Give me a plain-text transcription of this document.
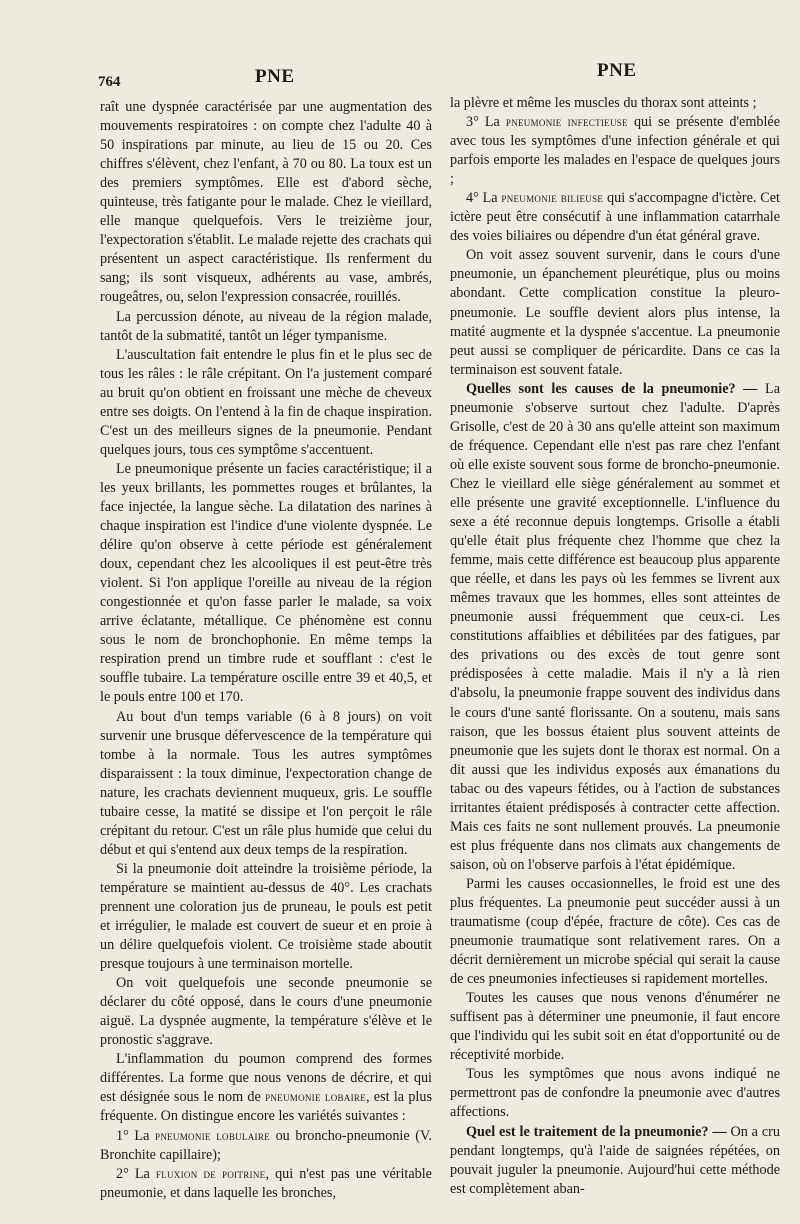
764	PNE	PNE

raît une dyspnée caractérisée par une augmentation des mouvements respiratoires : on compte chez l'adulte 40 à 50 inspirations par minute, au lieu de 15 ou 20. Ces chiffres s'élèvent, chez l'enfant, à 70 ou 80. La toux est un des premiers symptômes. Elle est d'abord sèche, quinteuse, très fatigante pour le malade. Chez le vieillard, elle manque quelquefois. Vers le treizième jour, l'expectoration s'établit. Le malade rejette des crachats qui présentent un aspect caractéristique. Ils renferment du sang; ils sont visqueux, adhérents au vase, ambrés, rougeâtres, ou, selon l'expression consacrée, rouillés.

La percussion dénote, au niveau de la région malade, tantôt de la submatité, tantôt un léger tympanisme.

L'auscultation fait entendre le plus fin et le plus sec de tous les râles : le râle crépitant. On l'a justement comparé au bruit qu'on obtient en froissant une mèche de cheveux entre ses doigts. On l'entend à la fin de chaque inspiration. C'est un des meilleurs signes de la pneumonie. Pendant quelques jours, tous ces symptôme s'accentuent.

Le pneumonique présente un facies caractéristique; il a les yeux brillants, les pommettes rouges et brûlantes, la face injectée, la langue sèche. La dilatation des narines à chaque inspiration est l'indice d'une violente dyspnée. Le délire qu'on observe à cette période est généralement doux, cependant chez les alcooliques il est peut-être très violent. Si l'on applique l'oreille au niveau de la région congestionnée et qu'on fasse parler le malade, sa voix arrive éclatante, métallique. Ce phénomène est connu sous le nom de bronchophonie. En même temps la respiration prend un timbre rude et soufflant : c'est le souffle tubaire. La température oscille entre 39 et 40,5, et le pouls entre 100 et 170.

Au bout d'un temps variable (6 à 8 jours) on voit survenir une brusque défervescence de la température qui tombe à la normale. Tous les autres symptômes disparaissent : la toux diminue, l'expectoration change de nature, les crachats deviennent muqueux, gris. Le souffle tubaire cesse, la matité se dissipe et l'on perçoit le râle crépitant du retour. C'est un râle plus humide que celui du début et qui s'entend aux deux temps de la respiration.

Si la pneumonie doit atteindre la troisième période, la température se maintient au-dessus de 40°. Les crachats prennent une coloration jus de pruneau, le pouls est petit et irrégulier, le malade est couvert de sueur et en proie à un délire quelquefois violent. Ce troisième stade aboutit presque toujours à une terminaison mortelle.

On voit quelquefois une seconde pneumonie se déclarer du côté opposé, dans le cours d'une pneumonie aiguë. La dyspnée augmente, la température s'élève et le pronostic s'aggrave.

L'inflammation du poumon comprend des formes différentes. La forme que nous venons de décrire, et qui est désignée sous le nom de pneumonie lobaire, est la plus fréquente. On distingue encore les variétés suivantes :

1° La pneumonie lobulaire ou broncho-pneumonie (V. Bronchite capillaire);

2° La fluxion de poitrine, qui n'est pas une véritable pneumonie, et dans laquelle les bronches,

la plèvre et même les muscles du thorax sont atteints ;

3° La pneumonie infectieuse qui se présente d'emblée avec tous les symptômes d'une infection générale et qui parfois emporte les malades en l'espace de quelques jours ;

4° La pneumonie bilieuse qui s'accompagne d'ictère. Cet ictère peut être consécutif à une inflammation catarrhale des voies biliaires ou dépendre d'un état général grave.

On voit assez souvent survenir, dans le cours d'une pneumonie, un épanchement pleurétique, plus ou moins abondant. Cette complication constitue la pleuro-pneumonie. Le souffle devient alors plus intense, la matité augmente et la dyspnée s'accentue. La pneumonie peut aussi se compliquer de péricardite. Dans ce cas la terminaison est souvent fatale.

Quelles sont les causes de la pneumonie? — La pneumonie s'observe surtout chez l'adulte. D'après Grisolle, c'est de 20 à 30 ans qu'elle atteint son maximum de fréquence. Cependant elle n'est pas rare chez l'enfant où elle existe souvent sous forme de broncho-pneumonie. Chez le vieillard elle siège généralement au sommet et elle présente une gravité exceptionnelle. L'influence du sexe a été reconnue depuis longtemps. Grisolle a établi qu'elle était plus fréquente chez l'homme que chez la femme, mais cette différence est beaucoup plus apparente que réelle, et dans les pays où les femmes se livrent aux mêmes travaux que les hommes, elles sont atteintes de pneumonie aussi fréquemment que ceux-ci. Les constitutions affaiblies et débilitées par des fatigues, par des privations ou des excès de tout genre sont prédisposées à cette maladie. Mais il n'y a là rien d'absolu, la pneumonie frappe souvent des individus dans le cours d'une santé florissante. On a soutenu, mais sans raison, que les bossus étaient plus souvent atteints de pneumonie que les sujets dont le thorax est normal. On a dit aussi que les individus exposés aux émanations du tabac ou des vapeurs fétides, ou à l'action de substances irritantes étaient prédisposés à contracter cette affection. Mais ces faits ne sont nullement prouvés. La pneumonie est plus fréquente dans nos climats aux changements de saison, où on l'observe parfois à l'état épidémique.

Parmi les causes occasionnelles, le froid est une des plus fréquentes. La pneumonie peut succéder aussi à un traumatisme (coup d'épée, fracture de côte). Ces cas de pneumonie traumatique sont relativement rares. On a décrit dernièrement un microbe spécial qui serait la cause de ces pneumonies infectieuses si rapidement mortelles.

Toutes les causes que nous venons d'énumérer ne suffisent pas à déterminer une pneumonie, il faut encore que l'individu qui les subit soit en état d'opportunité ou de réceptivité morbide.

Tous les symptômes que nous avons indiqué ne permettront pas de confondre la pneumonie avec d'autres affections.

Quel est le traitement de la pneumonie? — On a cru pendant longtemps, qu'à l'aide de saignées répétées, on pouvait juguler la pneumonie. Aujourd'hui cette méthode est complètement aban-
